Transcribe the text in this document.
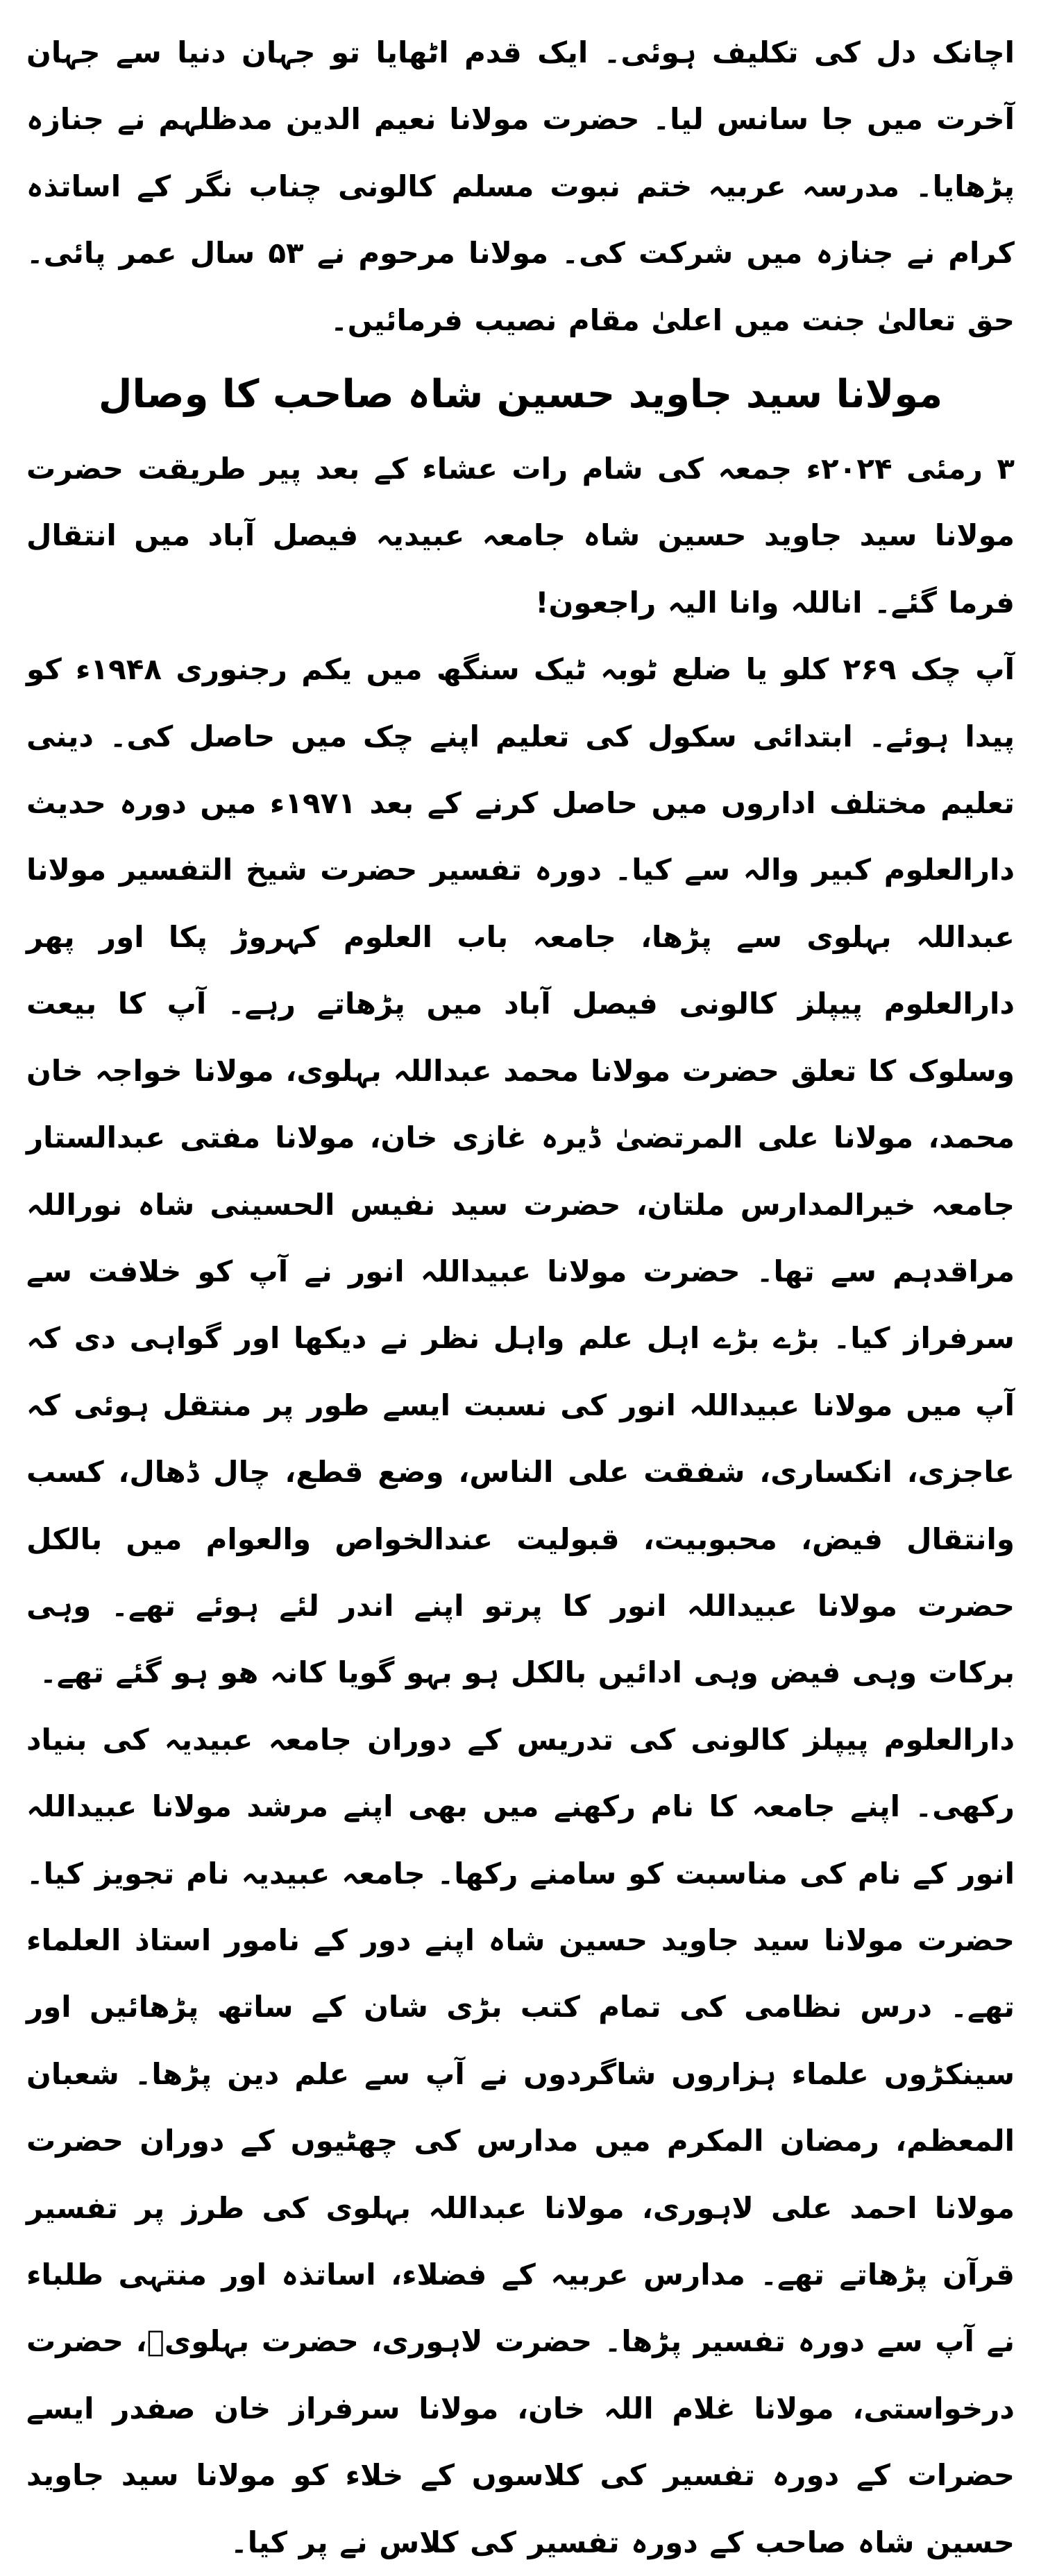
اچانک دل کی تکلیف ہوئی۔ ایک قدم اٹھایا تو جہان دنیا سے جہان آخرت میں جا سانس لیا۔ حضرت مولانا نعیم الدین مدظلہم نے جنازہ پڑھایا۔ مدرسہ عربیہ ختم نبوت مسلم کالونی چناب نگر کے اساتذہ کرام نے جنازہ میں شرکت کی۔ مولانا مرحوم نے ۵۳ سال عمر پائی۔ حق تعالیٰ جنت میں اعلیٰ مقام نصیب فرمائیں۔

مولانا سید جاوید حسین شاہ صاحب کا وصال

۳ رمئی ۲۰۲۴ء جمعہ کی شام رات عشاء کے بعد پیر طریقت حضرت مولانا سید جاوید حسین شاہ جامعہ عبیدیہ فیصل آباد میں انتقال فرما گئے۔ اناللہ وانا الیہ راجعون!

آپ چک ۲۶۹ کلو یا ضلع ٹوبہ ٹیک سنگھ میں یکم رجنوری ۱۹۴۸ء کو پیدا ہوئے۔ ابتدائی سکول کی تعلیم اپنے چک میں حاصل کی۔ دینی تعلیم مختلف اداروں میں حاصل کرنے کے بعد ۱۹۷۱ء میں دورہ حدیث دارالعلوم کبیر والہ سے کیا۔ دورہ تفسیر حضرت شیخ التفسیر مولانا عبداللہ بہلوی سے پڑھا، جامعہ باب العلوم کہروڑ پکا اور پھر دارالعلوم پیپلز کالونی فیصل آباد میں پڑھاتے رہے۔ آپ کا بیعت وسلوک کا تعلق حضرت مولانا محمد عبداللہ بہلوی، مولانا خواجہ خان محمد، مولانا علی المرتضیٰ ڈیرہ غازی خان، مولانا مفتی عبدالستار جامعہ خیرالمدارس ملتان، حضرت سید نفیس الحسینی شاہ نوراللہ مراقدہم سے تھا۔ حضرت مولانا عبیداللہ انور نے آپ کو خلافت سے سرفراز کیا۔ بڑے بڑے اہل علم واہل نظر نے دیکھا اور گواہی دی کہ آپ میں مولانا عبیداللہ انور کی نسبت ایسے طور پر منتقل ہوئی کہ عاجزی، انکساری، شفقت علی الناس، وضع قطع، چال ڈھال، کسب وانتقال فیض، محبوبیت، قبولیت عندالخواص والعوام میں بالکل حضرت مولانا عبیداللہ انور کا پرتو اپنے اندر لئے ہوئے تھے۔ وہی برکات وہی فیض وہی ادائیں بالکل ہو بہو گویا کانہ ھو ہو گئے تھے۔

دارالعلوم پیپلز کالونی کی تدریس کے دوران جامعہ عبیدیہ کی بنیاد رکھی۔ اپنے جامعہ کا نام رکھنے میں بھی اپنے مرشد مولانا عبیداللہ انور کے نام کی مناسبت کو سامنے رکھا۔ جامعہ عبیدیہ نام تجویز کیا۔ حضرت مولانا سید جاوید حسین شاہ اپنے دور کے نامور استاذ العلماء تھے۔ درس نظامی کی تمام کتب بڑی شان کے ساتھ پڑھائیں اور سینکڑوں علماء ہزاروں شاگردوں نے آپ سے علم دین پڑھا۔ شعبان المعظم، رمضان المکرم میں مدارس کی چھٹیوں کے دوران حضرت مولانا احمد علی لاہوری، مولانا عبداللہ بہلوی کی طرز پر تفسیر قرآن پڑھاتے تھے۔ مدارس عربیہ کے فضلاء، اساتذہ اور منتہی طلباء نے آپ سے دورہ تفسیر پڑھا۔ حضرت لاہوری، حضرت بہلویؒ، حضرت درخواستی، مولانا غلام اللہ خان، مولانا سرفراز خان صفدر ایسے حضرات کے دورہ تفسیر کی کلاسوں کے خلاء کو مولانا سید جاوید حسین شاہ صاحب کے دورہ تفسیر کی کلاس نے پر کیا۔
